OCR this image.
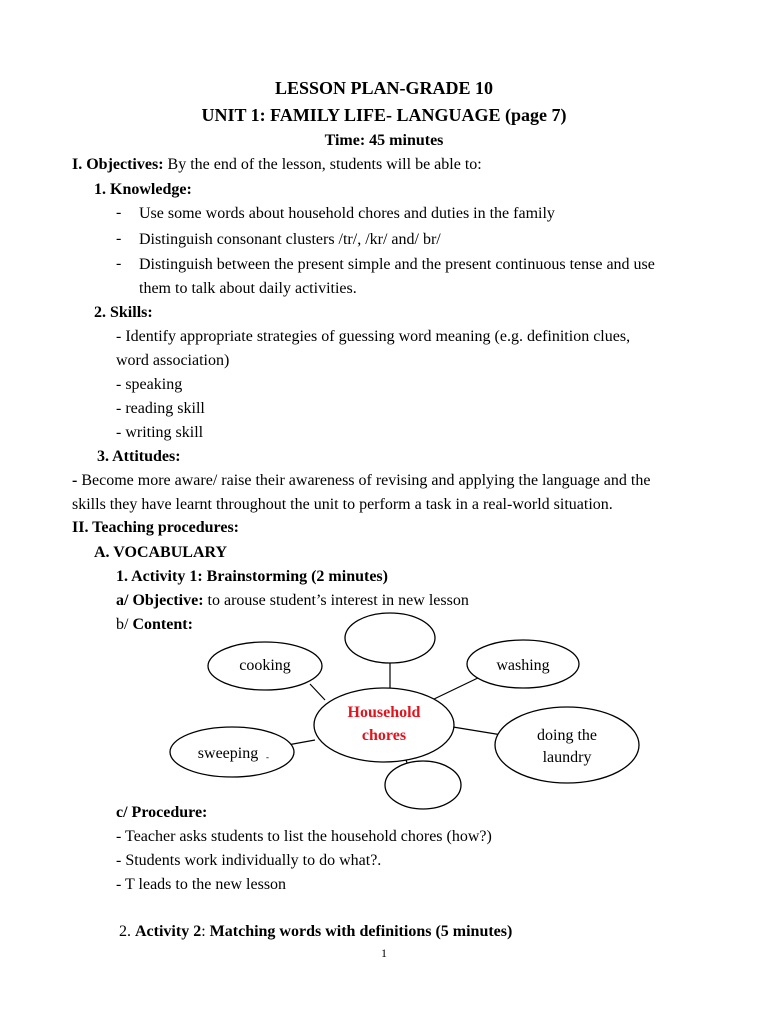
LESSON PLAN-GRADE 10
UNIT 1: FAMILY LIFE- LANGUAGE (page 7)
Time: 45 minutes
I. Objectives: By the end of the lesson, students will be able to:
1. Knowledge:
- Use some words about household chores and duties in the family
- Distinguish consonant clusters /tr/, /kr/ and/ br/
- Distinguish between the present simple and the present continuous tense and use
them to talk about daily activities.
2. Skills:
- Identify appropriate strategies of guessing word meaning (e.g. definition clues,
word association)
- speaking
- reading skill
- writing skill
3. Attitudes:
- Become more aware/ raise their awareness of revising and applying the language and the
skills they have learnt throughout the unit to perform a task in a real-world situation.
II. Teaching procedures:
A. VOCABULARY
1. Activity 1: Brainstorming (2 minutes)
a/ Objective: to arouse student’s interest in new lesson
b/ Content:
cooking	washing
Household
chores	doing the
laundry
sweeping -
c/ Procedure:
- Teacher asks students to list the household chores (how?)
- Students work individually to do what?.
- T leads to the new lesson
2. Activity 2: Matching words with definitions (5 minutes)
1
